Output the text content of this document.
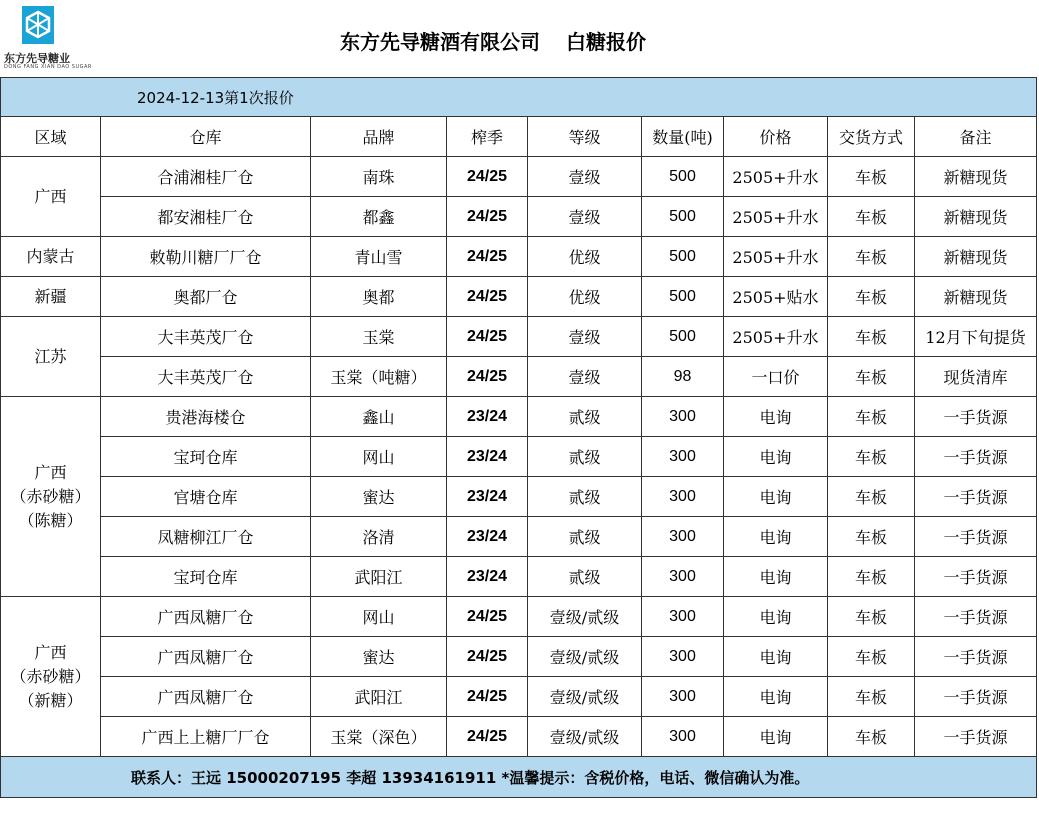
东方先导糖业
DONG FANG XIAN DAO SUGAR
东方先导糖酒有限公司 白糖报价
2024-12-13第1次报价								
区域	仓库	品牌	榨季	等级	数量(吨)	价格	交货方式	备注
广西	合浦湘桂厂仓	南珠	24/25	壹级	500	2505+升水	车板	新糖现货
	都安湘桂厂仓	都鑫	24/25	壹级	500	2505+升水	车板	新糖现货
内蒙古	敕勒川糖厂厂仓	青山雪	24/25	优级	500	2505+升水	车板	新糖现货
新疆	奥都厂仓	奥都	24/25	优级	500	2505+贴水	车板	新糖现货
江苏	大丰英茂厂仓	玉棠	24/25	壹级	500	2505+升水	车板	12月下旬提货
	大丰英茂厂仓	玉棠（吨糖）	24/25	壹级	98	一口价	车板	现货清库
广西
（赤砂糖）
（陈糖）	贵港海楼仓	鑫山	23/24	贰级	300	电询	车板	一手货源
	宝珂仓库	网山	23/24	贰级	300	电询	车板	一手货源
	官塘仓库	蜜达	23/24	贰级	300	电询	车板	一手货源
	凤糖柳江厂仓	洛清	23/24	贰级	300	电询	车板	一手货源
	宝珂仓库	武阳江	23/24	贰级	300	电询	车板	一手货源
广西
（赤砂糖）
（新糖）	广西凤糖厂仓	网山	24/25	壹级/贰级	300	电询	车板	一手货源
	广西凤糖厂仓	蜜达	24/25	壹级/贰级	300	电询	车板	一手货源
	广西凤糖厂仓	武阳江	24/25	壹级/贰级	300	电询	车板	一手货源
	广西上上糖厂厂仓	玉棠（深色）	24/25	壹级/贰级	300	电询	车板	一手货源
联系人：王远 15000207195 李超 13934161911 *温馨提示：含税价格，电话、微信确认为准。								
